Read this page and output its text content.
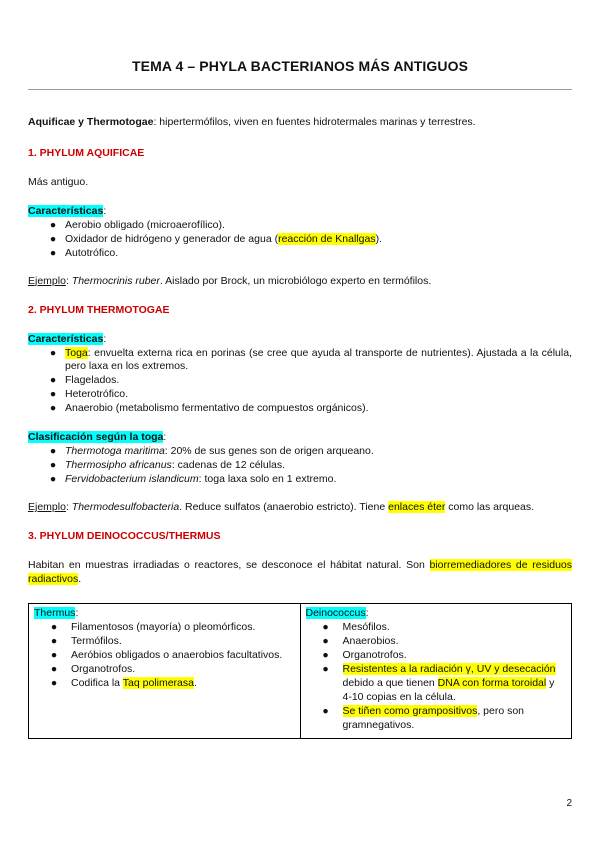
TEMA 4 – PHYLA BACTERIANOS MÁS ANTIGUOS

Aquificae y Thermotogae: hipertermófilos, viven en fuentes hidrotermales marinas y terrestres.

1. PHYLUM AQUIFICAE

Más antiguo.

Características:

● Aerobio obligado (microaerofílico).
● Oxidador de hidrógeno y generador de agua (reacción de Knallgas).
● Autotrófico.

Ejemplo: Thermocrinis ruber. Aislado por Brock, un microbiólogo experto en termófilos.

2. PHYLUM THERMOTOGAE

Características:

● Toga: envuelta externa rica en porinas (se cree que ayuda al transporte de nutrientes). Ajustada a la célula, pero laxa en los extremos.
● Flagelados.
● Heterotrófico.
● Anaerobio (metabolismo fermentativo de compuestos orgánicos).

Clasificación según la toga:

● Thermotoga maritima: 20% de sus genes son de origen arqueano.
● Thermosipho africanus: cadenas de 12 células.
● Fervidobacterium islandicum: toga laxa solo en 1 extremo.

Ejemplo: Thermodesulfobacteria. Reduce sulfatos (anaerobio estricto). Tiene enlaces éter como las arqueas.

3. PHYLUM DEINOCOCCUS/THERMUS

Habitan en muestras irradiadas o reactores, se desconoce el hábitat natural. Son biorremediadores de residuos radiactivos.

Thermus:

● Filamentosos (mayoría) o pleomórficos.
● Termófilos.
● Aeróbios obligados o anaerobios facultativos.
● Organotrofos.
● Codifica la Taq polimerasa.

Deinococcus:

● Mesófilos.
● Anaerobios.
● Organotrofos.
● Resistentes a la radiación γ, UV y desecación debido a que tienen DNA con forma toroidal y 4-10 copias en la célula.
● Se tiñen como grampositivos, pero son gramnegativos.
2
